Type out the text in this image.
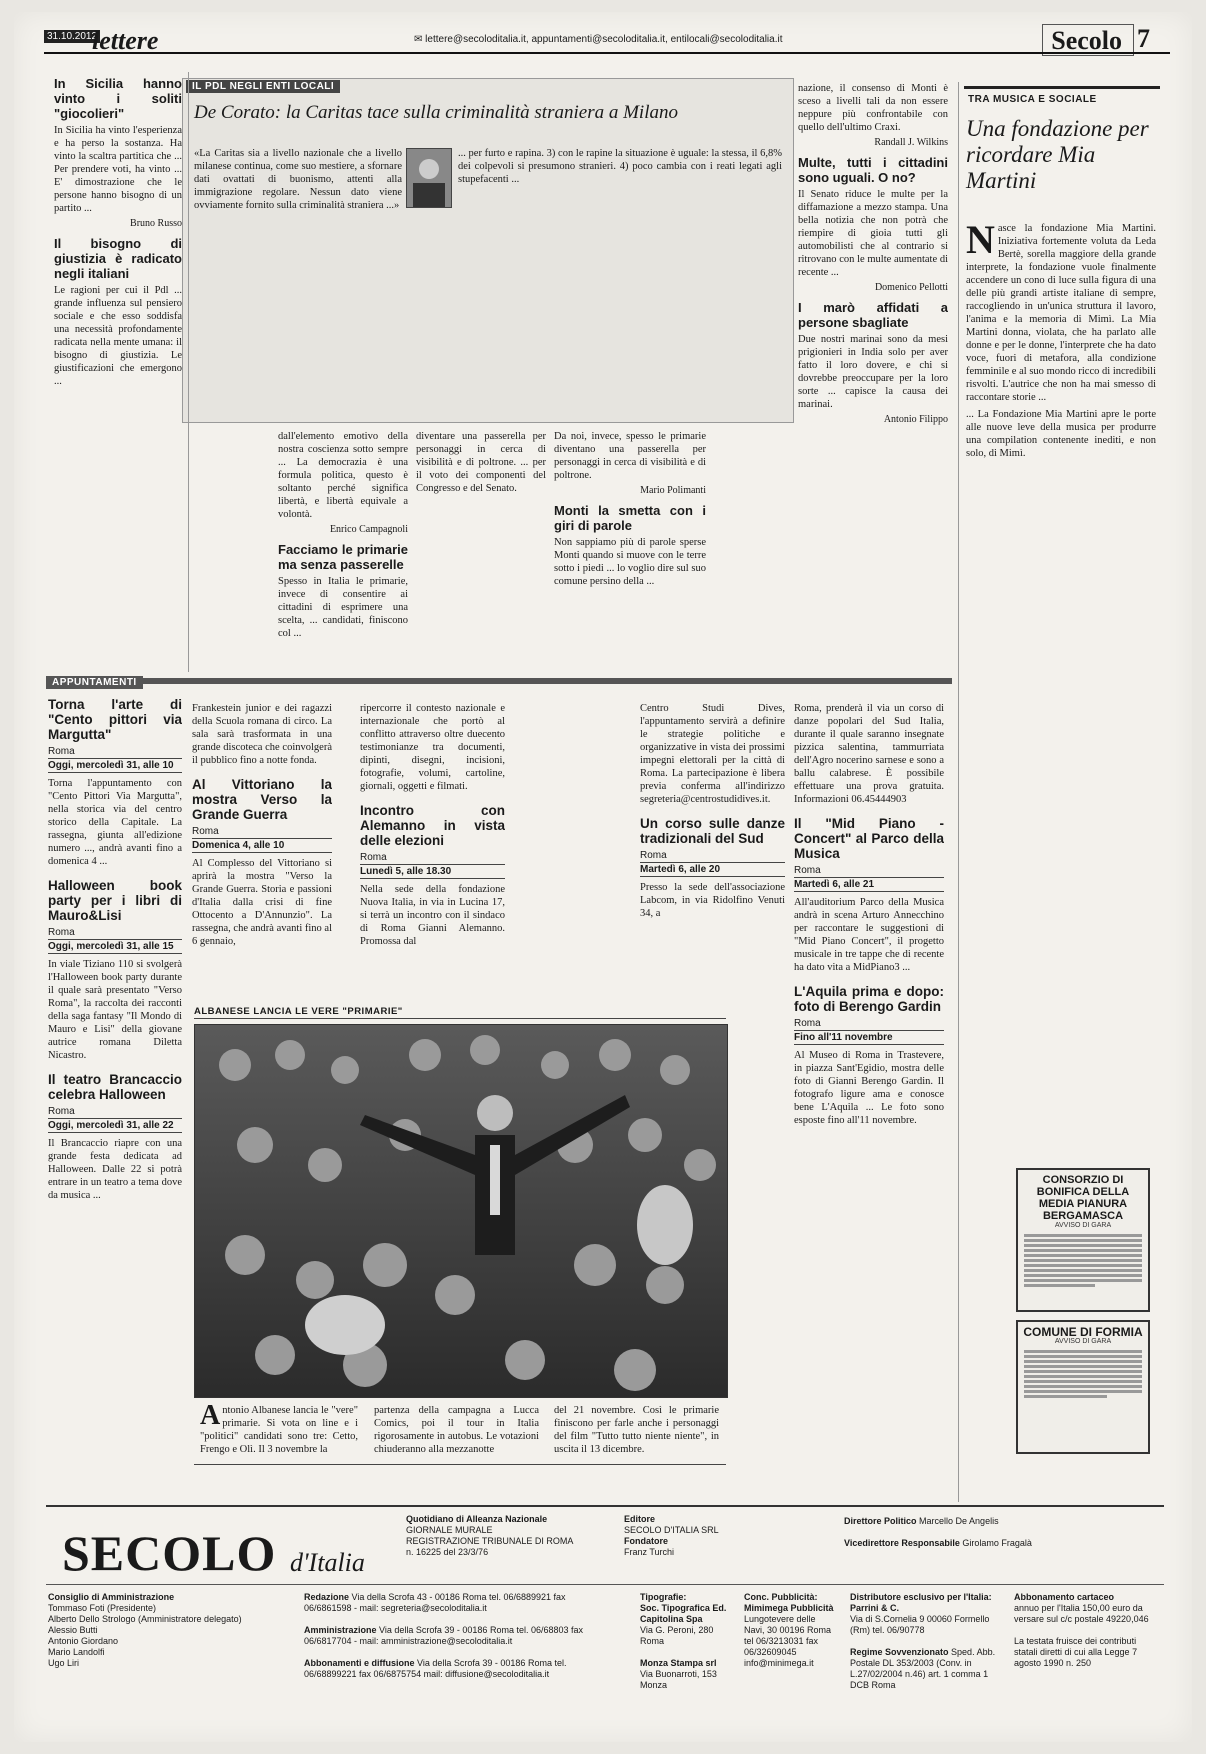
31.10.2012
lettere	✉ lettere@secoloditalia.it, appuntamenti@secoloditalia.it, entilocali@secoloditalia.it	Secolo 7
In Sicilia hanno vinto i soliti "giocolieri"

In Sicilia ha vinto l'esperienza e ha perso la sostanza. Ha vinto la scaltra partitica che ... Per prendere voti, ha vinto ... E' dimostrazione che le persone hanno bisogno di un partito ...

Bruno Russo
Il bisogno di giustizia è radicato negli italiani

Le ragioni per cui il Pdl ... grande influenza sul pensiero sociale e che esso soddisfa una necessità profondamente radicata nella mente umana: il bisogno di giustizia. Le giustificazioni che emergono ...

IL PDL NEGLI ENTI LOCALI
De Corato: la Caritas tace sulla criminalità straniera a Milano
«La Caritas sia a livello nazionale che a livello milanese continua, come suo mestiere, a sfornare dati ovattati di buonismo, attenti alla immigrazione regolare. Nessun dato viene ovviamente fornito sulla criminalità straniera ...»
... per furto e rapina. 3) con le rapine la situazione è uguale: la stessa, il 6,8% dei colpevoli si presumono stranieri. 4) poco cambia con i reati legati agli stupefacenti ...

dall'elemento emotivo della nostra coscienza sotto sempre ... La democrazia è una formula politica, questo è soltanto perché significa libertà, e libertà equivale a volontà.

Enrico Campagnoli
Facciamo le primarie ma senza passerelle

Spesso in Italia le primarie, invece di consentire ai cittadini di esprimere una scelta, ... candidati, finiscono col ...

diventare una passerella per personaggi in cerca di visibilità e di poltrone. ... per il voto dei componenti del Congresso e del Senato.

Da noi, invece, spesso le primarie diventano una passerella per personaggi in cerca di visibilità e di poltrone.

Mario Polimanti
Monti la smetta con i giri di parole

Non sappiamo più di parole sperse Monti quando si muove con le terre sotto i piedi ... lo voglio dire sul suo comune persino della ...

nazione, il consenso di Monti è sceso a livelli tali da non essere neppure più confrontabile con quello dell'ultimo Craxi.

Randall J. Wilkins
Multe, tutti i cittadini sono uguali. O no?

Il Senato riduce le multe per la diffamazione a mezzo stampa. Una bella notizia che non potrà che riempire di gioia tutti gli automobilisti che al contrario si ritrovano con le multe aumentate di recente ...

Domenico Pellotti
I marò affidati a persone sbagliate

Due nostri marinai sono da mesi prigionieri in India solo per aver fatto il loro dovere, e chi si dovrebbe preoccupare per la loro sorte ... capisce la causa dei marinai.

Antonio Filippo
TRA MUSICA E SOCIALE
Una fondazione per ricordare Mia Martini
N asce la fondazione Mia Martini. Iniziativa fortemente voluta da Leda Bertè, sorella maggiore della grande interprete, la fondazione vuole finalmente accendere un cono di luce sulla figura di una delle più grandi artiste italiane di sempre, raccogliendo in un'unica struttura il lavoro, l'anima e la memoria di Mimì. La Mia Martini donna, violata, che ha parlato alle donne e per le donne, l'interprete che ha dato voce, fuori di metafora, alla condizione femminile e al suo mondo ricco di incredibili risvolti. L'autrice che non ha mai smesso di raccontare storie ...

... La Fondazione Mia Martini apre le porte alle nuove leve della musica per produrre una compilation contenente inediti, e non solo, di Mimì.

APPUNTAMENTI
Torna l'arte di "Cento pittori via Margutta"
Roma
Oggi, mercoledì 31, alle 10

Torna l'appuntamento con "Cento Pittori Via Margutta", nella storica via del centro storico della Capitale. La rassegna, giunta all'edizione numero ..., andrà avanti fino a domenica 4 ...

Halloween book party per i libri di Mauro&Lisi
Roma
Oggi, mercoledì 31, alle 15

In viale Tiziano 110 si svolgerà l'Halloween book party durante il quale sarà presentato "Verso Roma", la raccolta dei racconti della saga fantasy "Il Mondo di Mauro e Lisi" della giovane autrice romana Diletta Nicastro.

Il teatro Brancaccio celebra Halloween
Roma
Oggi, mercoledì 31, alle 22

Il Brancaccio riapre con una grande festa dedicata ad Halloween. Dalle 22 si potrà entrare in un teatro a tema dove da musica ...

Frankestein junior e dei ragazzi della Scuola romana di circo. La sala sarà trasformata in una grande discoteca che coinvolgerà il pubblico fino a notte fonda.

Al Vittoriano la mostra Verso la Grande Guerra
Roma
Domenica 4, alle 10

Al Complesso del Vittoriano si aprirà la mostra "Verso la Grande Guerra. Storia e passioni d'Italia dalla crisi di fine Ottocento a D'Annunzio". La rassegna, che andrà avanti fino al 6 gennaio,

ripercorre il contesto nazionale e internazionale che portò al conflitto attraverso oltre duecento testimonianze tra documenti, dipinti, disegni, incisioni, fotografie, volumi, cartoline, giornali, oggetti e filmati.

Incontro con Alemanno in vista delle elezioni
Roma
Lunedì 5, alle 18.30

Nella sede della fondazione Nuova Italia, in via in Lucina 17, si terrà un incontro con il sindaco di Roma Gianni Alemanno. Promossa dal

Centro Studi Dives, l'appuntamento servirà a definire le strategie politiche e organizzative in vista dei prossimi impegni elettorali per la città di Roma. La partecipazione è libera previa conferma all'indirizzo segreteria@centrostudidives.it.

Un corso sulle danze tradizionali del Sud
Roma
Martedì 6, alle 20

Presso la sede dell'associazione Labcom, in via Ridolfino Venuti 34, a

Roma, prenderà il via un corso di danze popolari del Sud Italia, durante il quale saranno insegnate pizzica salentina, tammurriata dell'Agro nocerino sarnese e sono a ballu calabrese. È possibile effettuare una prova gratuita. Informazioni 06.45444903

Il "Mid Piano - Concert" al Parco della Musica
Roma
Martedì 6, alle 21

All'auditorium Parco della Musica andrà in scena Arturo Annecchino per raccontare le suggestioni di "Mid Piano Concert", il progetto musicale in tre tappe che di recente ha dato vita a MidPiano3 ...

L'Aquila prima e dopo: foto di Berengo Gardin
Roma
Fino all'11 novembre

Al Museo di Roma in Trastevere, in piazza Sant'Egidio, mostra delle foto di Gianni Berengo Gardin. Il fotografo ligure ama e conosce bene L'Aquila ... Le foto sono esposte fino all'11 novembre.

ALBANESE LANCIA LE VERE "PRIMARIE"
A ntonio Albanese lancia le "vere" primarie. Si vota on line e i "politici" candidati sono tre: Cetto, Frengo e Olì. Il 3 novembre la
partenza della campagna a Lucca Comics, poi il tour in Italia rigorosamente in autobus. Le votazioni chiuderanno alla mezzanotte
del 21 novembre. Così le primarie finiscono per farle anche i personaggi del film "Tutto tutto niente niente", in uscita il 13 dicembre.
CONSORZIO DI BONIFICA DELLA MEDIA PIANURA BERGAMASCA
AVVISO DI GARA
COMUNE DI FORMIA
AVVISO DI GARA
SECOLO d'Italia
Quotidiano di Alleanza Nazionale
GIORNALE MURALE
REGISTRAZIONE TRIBUNALE DI ROMA
n. 16225 del 23/3/76
Editore
SECOLO D'ITALIA SRL
Fondatore
Franz Turchi
Direttore Politico Marcello De Angelis

Vicedirettore Responsabile Girolamo Fragalà
Consiglio di Amministrazione
Tommaso Foti (Presidente)
Alberto Dello Strologo (Amministratore delegato)
Alessio Butti
Antonio Giordano
Mario Landolfi
Ugo Liri
Redazione Via della Scrofa 43 - 00186 Roma tel. 06/6889921 fax 06/6861598 - mail: segreteria@secoloditalia.it

Amministrazione Via della Scrofa 39 - 00186 Roma tel. 06/68803 fax 06/6817704 - mail: amministrazione@secoloditalia.it

Abbonamenti e diffusione Via della Scrofa 39 - 00186 Roma tel. 06/68899221 fax 06/6875754 mail: diffusione@secoloditalia.it
Tipografie:
Soc. Tipografica Ed. Capitolina Spa
Via G. Peroni, 280 Roma

Monza Stampa srl
Via Buonarroti, 153 Monza
Conc. Pubblicità: Mimimega Pubblicità
Lungotevere delle Navi, 30 00196 Roma tel 06/3213031 fax 06/32609045 info@minimega.it
Distributore esclusivo per l'Italia: Parrini & C.
Via di S.Cornelia 9 00060 Formello (Rm) tel. 06/90778

Regime Sovvenzionato Sped. Abb. Postale DL 353/2003 (Conv. in L.27/02/2004 n.46) art. 1 comma 1 DCB Roma
Abbonamento cartaceo
annuo per l'Italia 150,00 euro da versare sul c/c postale 49220,046

La testata fruisce dei contributi statali diretti di cui alla Legge 7 agosto 1990 n. 250
